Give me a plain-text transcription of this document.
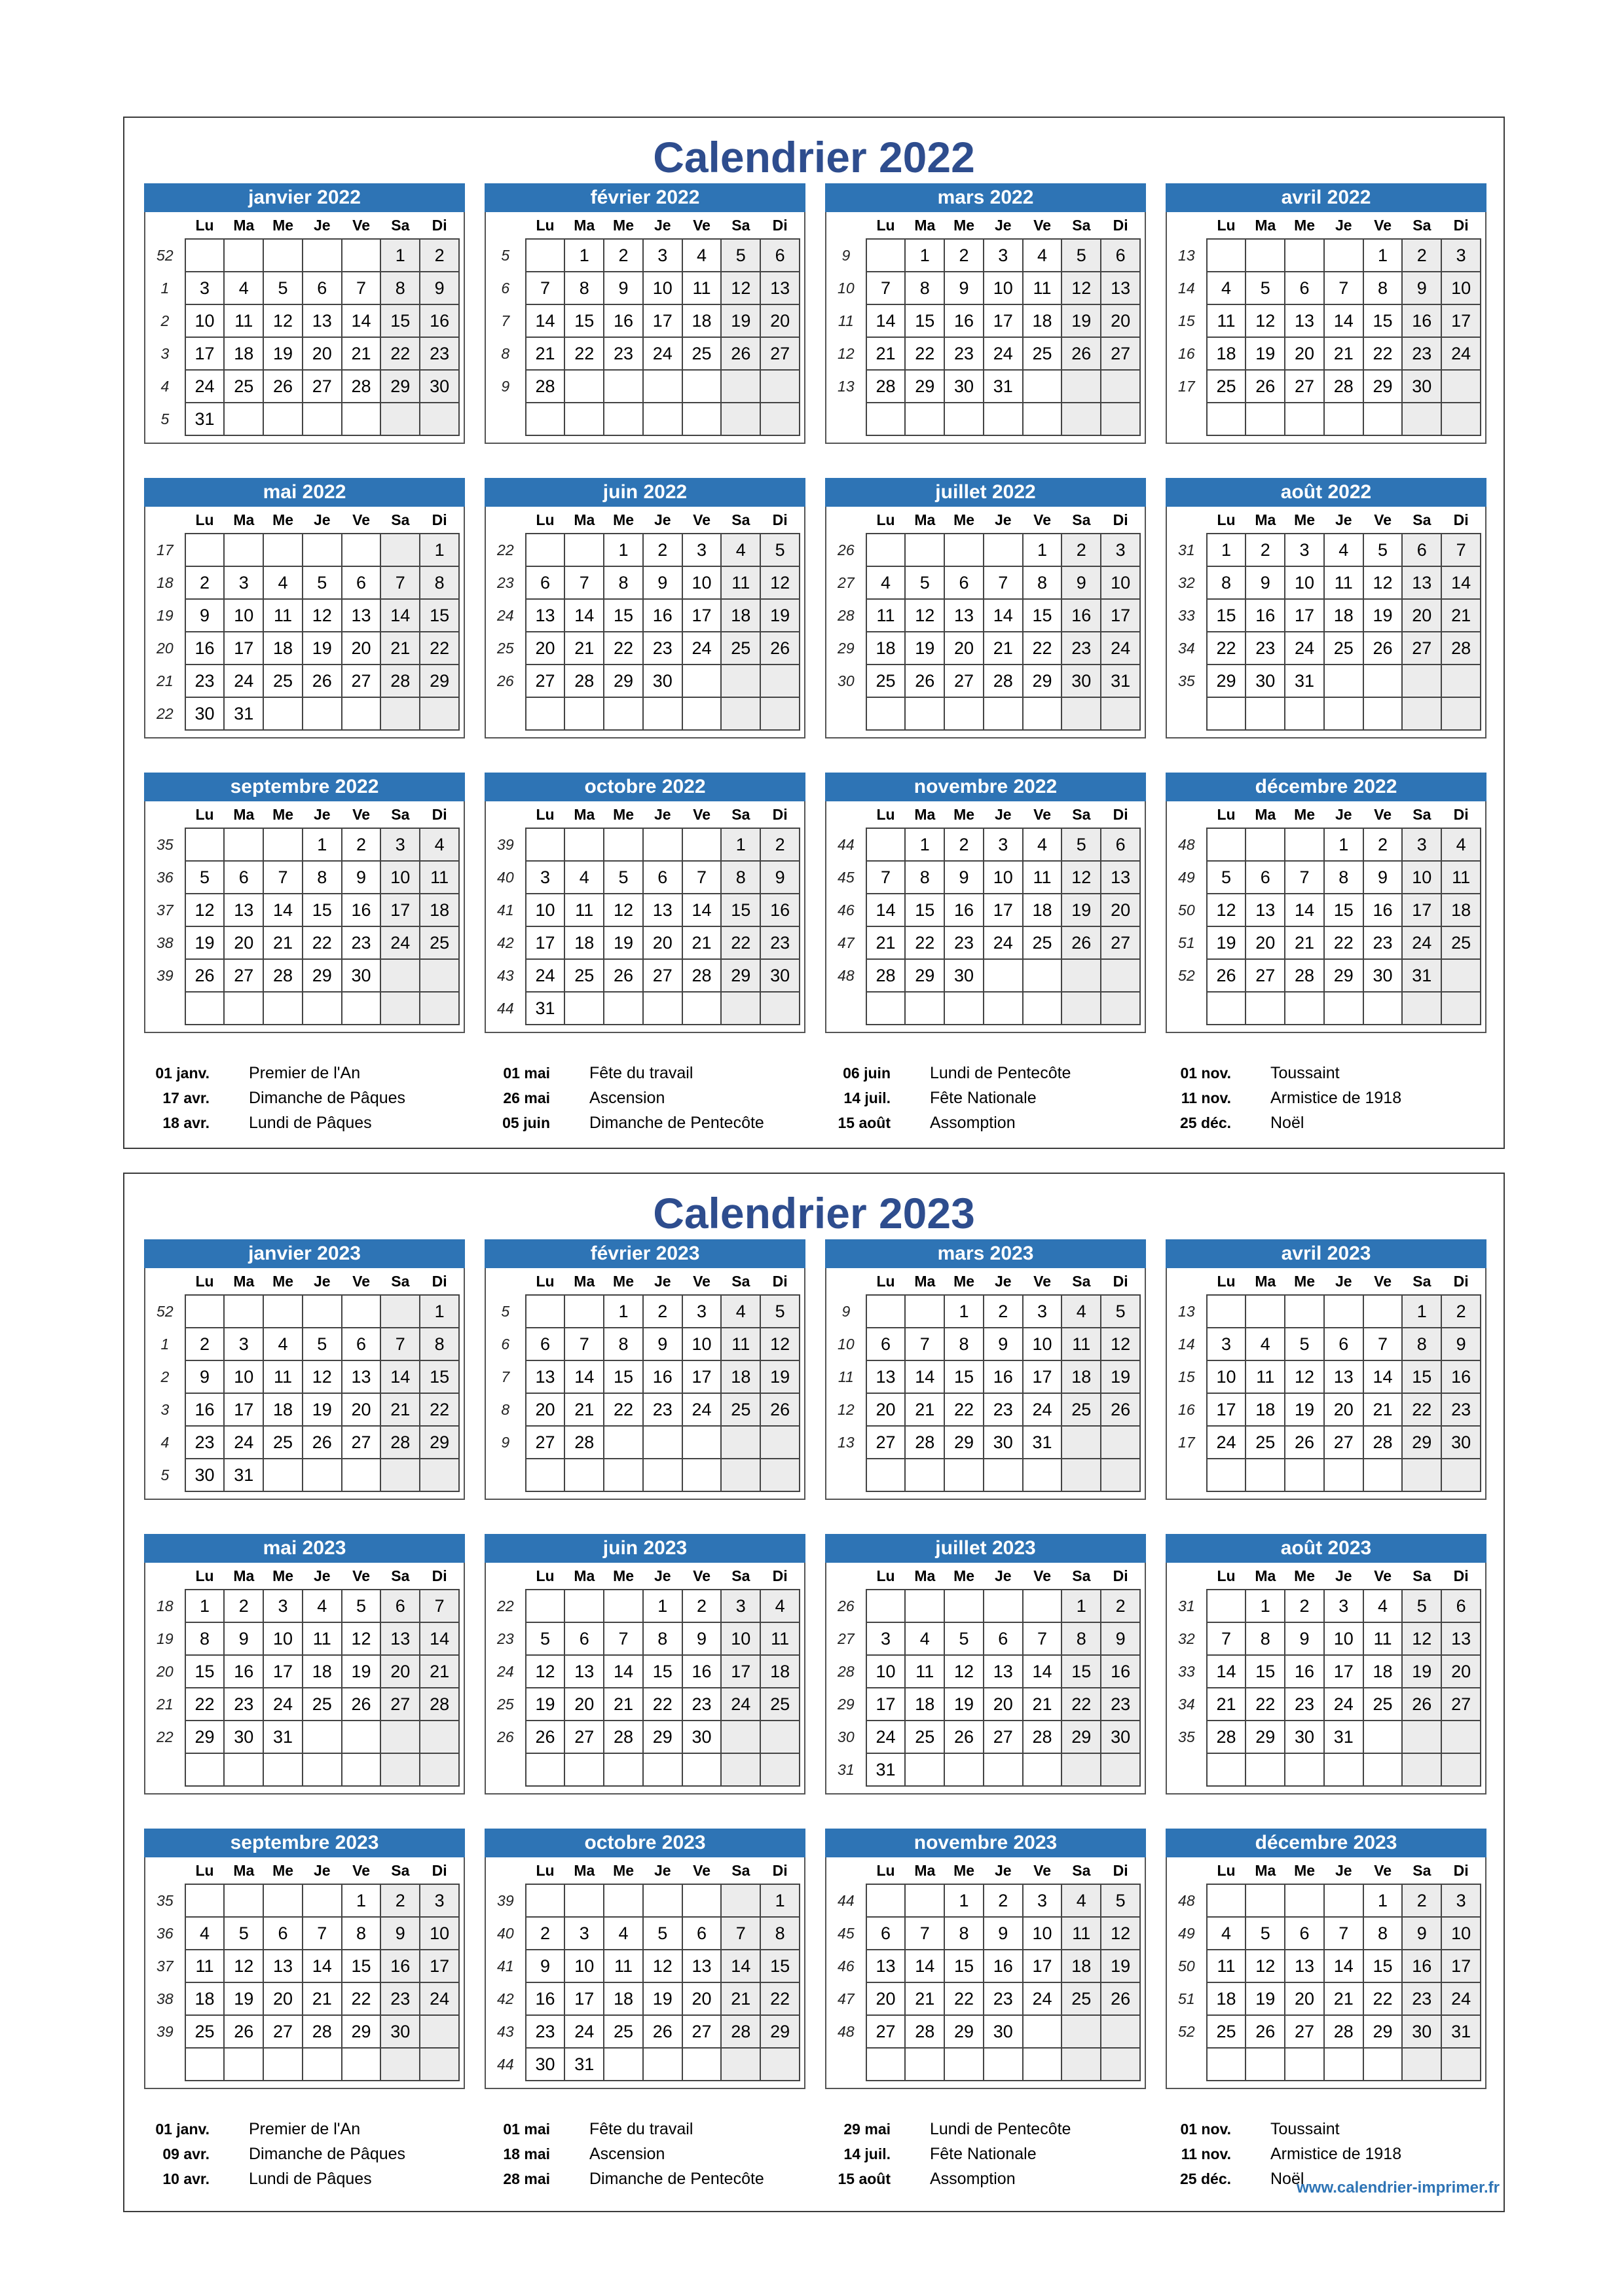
Calendrier 2022
janvier 2022
	Lu	Ma	Me	Je	Ve	Sa	Di
52						1	2
1	3	4	5	6	7	8	9
2	10	11	12	13	14	15	16
3	17	18	19	20	21	22	23
4	24	25	26	27	28	29	30
5	31						
février 2022
	Lu	Ma	Me	Je	Ve	Sa	Di
5		1	2	3	4	5	6
6	7	8	9	10	11	12	13
7	14	15	16	17	18	19	20
8	21	22	23	24	25	26	27
9	28						

mars 2022
	Lu	Ma	Me	Je	Ve	Sa	Di
9		1	2	3	4	5	6
10	7	8	9	10	11	12	13
11	14	15	16	17	18	19	20
12	21	22	23	24	25	26	27
13	28	29	30	31			

avril 2022
	Lu	Ma	Me	Je	Ve	Sa	Di
13					1	2	3
14	4	5	6	7	8	9	10
15	11	12	13	14	15	16	17
16	18	19	20	21	22	23	24
17	25	26	27	28	29	30	

mai 2022
	Lu	Ma	Me	Je	Ve	Sa	Di
17							1
18	2	3	4	5	6	7	8
19	9	10	11	12	13	14	15
20	16	17	18	19	20	21	22
21	23	24	25	26	27	28	29
22	30	31					
juin 2022
	Lu	Ma	Me	Je	Ve	Sa	Di
22			1	2	3	4	5
23	6	7	8	9	10	11	12
24	13	14	15	16	17	18	19
25	20	21	22	23	24	25	26
26	27	28	29	30			

juillet 2022
	Lu	Ma	Me	Je	Ve	Sa	Di
26					1	2	3
27	4	5	6	7	8	9	10
28	11	12	13	14	15	16	17
29	18	19	20	21	22	23	24
30	25	26	27	28	29	30	31

août 2022
	Lu	Ma	Me	Je	Ve	Sa	Di
31	1	2	3	4	5	6	7
32	8	9	10	11	12	13	14
33	15	16	17	18	19	20	21
34	22	23	24	25	26	27	28
35	29	30	31				

septembre 2022
	Lu	Ma	Me	Je	Ve	Sa	Di
35				1	2	3	4
36	5	6	7	8	9	10	11
37	12	13	14	15	16	17	18
38	19	20	21	22	23	24	25
39	26	27	28	29	30		

octobre 2022
	Lu	Ma	Me	Je	Ve	Sa	Di
39						1	2
40	3	4	5	6	7	8	9
41	10	11	12	13	14	15	16
42	17	18	19	20	21	22	23
43	24	25	26	27	28	29	30
44	31						
novembre 2022
	Lu	Ma	Me	Je	Ve	Sa	Di
44		1	2	3	4	5	6
45	7	8	9	10	11	12	13
46	14	15	16	17	18	19	20
47	21	22	23	24	25	26	27
48	28	29	30				

décembre 2022
	Lu	Ma	Me	Je	Ve	Sa	Di
48				1	2	3	4
49	5	6	7	8	9	10	11
50	12	13	14	15	16	17	18
51	19	20	21	22	23	24	25
52	26	27	28	29	30	31	

01 janv. Premier de l'An
17 avr. Dimanche de Pâques
18 avr. Lundi de Pâques
01 mai Fête du travail
26 mai Ascension
05 juin Dimanche de Pentecôte
06 juin Lundi de Pentecôte
14 juil. Fête Nationale
15 août Assomption
01 nov. Toussaint
11 nov. Armistice de 1918
25 déc. Noël
Calendrier 2023
janvier 2023
	Lu	Ma	Me	Je	Ve	Sa	Di
52							1
1	2	3	4	5	6	7	8
2	9	10	11	12	13	14	15
3	16	17	18	19	20	21	22
4	23	24	25	26	27	28	29
5	30	31					
février 2023
	Lu	Ma	Me	Je	Ve	Sa	Di
5			1	2	3	4	5
6	6	7	8	9	10	11	12
7	13	14	15	16	17	18	19
8	20	21	22	23	24	25	26
9	27	28					

mars 2023
	Lu	Ma	Me	Je	Ve	Sa	Di
9			1	2	3	4	5
10	6	7	8	9	10	11	12
11	13	14	15	16	17	18	19
12	20	21	22	23	24	25	26
13	27	28	29	30	31		

avril 2023
	Lu	Ma	Me	Je	Ve	Sa	Di
13						1	2
14	3	4	5	6	7	8	9
15	10	11	12	13	14	15	16
16	17	18	19	20	21	22	23
17	24	25	26	27	28	29	30

mai 2023
	Lu	Ma	Me	Je	Ve	Sa	Di
18	1	2	3	4	5	6	7
19	8	9	10	11	12	13	14
20	15	16	17	18	19	20	21
21	22	23	24	25	26	27	28
22	29	30	31				

juin 2023
	Lu	Ma	Me	Je	Ve	Sa	Di
22				1	2	3	4
23	5	6	7	8	9	10	11
24	12	13	14	15	16	17	18
25	19	20	21	22	23	24	25
26	26	27	28	29	30		

juillet 2023
	Lu	Ma	Me	Je	Ve	Sa	Di
26						1	2
27	3	4	5	6	7	8	9
28	10	11	12	13	14	15	16
29	17	18	19	20	21	22	23
30	24	25	26	27	28	29	30
31	31						
août 2023
	Lu	Ma	Me	Je	Ve	Sa	Di
31		1	2	3	4	5	6
32	7	8	9	10	11	12	13
33	14	15	16	17	18	19	20
34	21	22	23	24	25	26	27
35	28	29	30	31			

septembre 2023
	Lu	Ma	Me	Je	Ve	Sa	Di
35					1	2	3
36	4	5	6	7	8	9	10
37	11	12	13	14	15	16	17
38	18	19	20	21	22	23	24
39	25	26	27	28	29	30	

octobre 2023
	Lu	Ma	Me	Je	Ve	Sa	Di
39							1
40	2	3	4	5	6	7	8
41	9	10	11	12	13	14	15
42	16	17	18	19	20	21	22
43	23	24	25	26	27	28	29
44	30	31					
novembre 2023
	Lu	Ma	Me	Je	Ve	Sa	Di
44			1	2	3	4	5
45	6	7	8	9	10	11	12
46	13	14	15	16	17	18	19
47	20	21	22	23	24	25	26
48	27	28	29	30			

décembre 2023
	Lu	Ma	Me	Je	Ve	Sa	Di
48					1	2	3
49	4	5	6	7	8	9	10
50	11	12	13	14	15	16	17
51	18	19	20	21	22	23	24
52	25	26	27	28	29	30	31

01 janv. Premier de l'An
09 avr. Dimanche de Pâques
10 avr. Lundi de Pâques
01 mai Fête du travail
18 mai Ascension
28 mai Dimanche de Pentecôte
29 mai Lundi de Pentecôte
14 juil. Fête Nationale
15 août Assomption
01 nov. Toussaint
11 nov. Armistice de 1918
25 déc. Noël
www.calendrier-imprimer.fr
